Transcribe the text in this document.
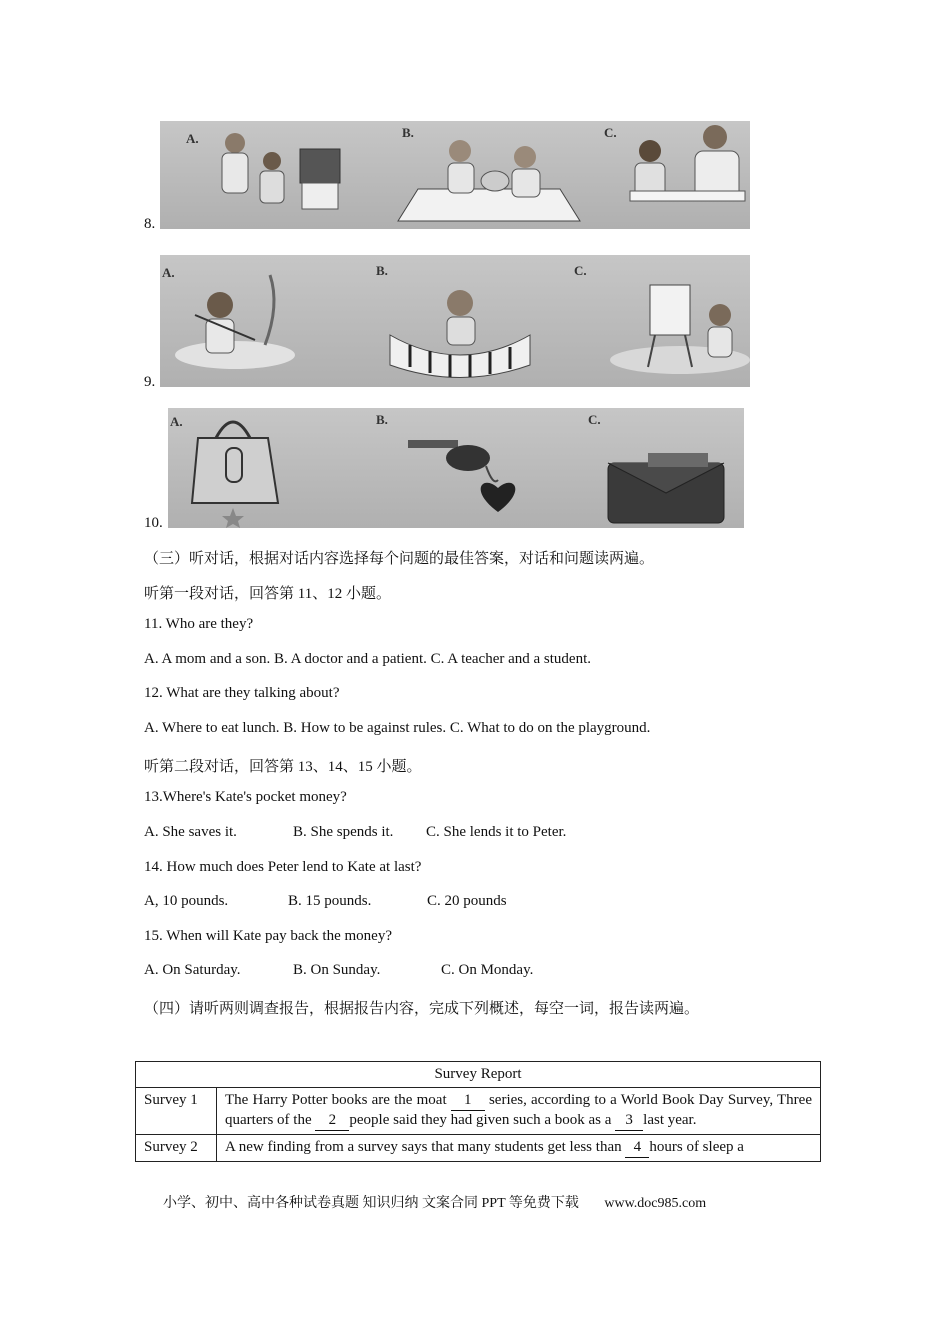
A.	B.	C.
8.
A.	B.	C.
9.
A.	B.	C.
10.
（三）听对话，根据对话内容选择每个问题的最佳答案，对话和问题读两遍。
听第一段对话，回答第 11、12 小题。
11. Who are they?
A. A mom and a son. B. A doctor and a patient. C. A teacher and a student.
12. What are they talking about?
A. Where to eat lunch. B. How to be against rules. C. What to do on the playground.
听第二段对话，回答第 13、14、15 小题。
13.Where's Kate's pocket money?
A. She saves it.	B. She spends it. C. She lends it to Peter.
14. How much does Peter lend to Kate at last?
A, 10 pounds.	B. 15 pounds.	C. 20 pounds
15. When will Kate pay back the money?
A. On Saturday.	B. On Sunday.	C. On Monday.
（四）请听两则调查报告，根据报告内容，完成下列概述，每空一词，报告读两遍。
Survey Report	
Survey 1	The Harry Potter books are the moat 1 series, according to a World Book Day Survey, Three quarters of the 2 people said they had given such a book as a 3 last year.
Survey 2	A new finding from a survey says that many students get less than 4 hours of sleep a
小学、初中、高中各种试卷真题 知识归纳 文案合同 PPT 等免费下载 www.doc985.com
